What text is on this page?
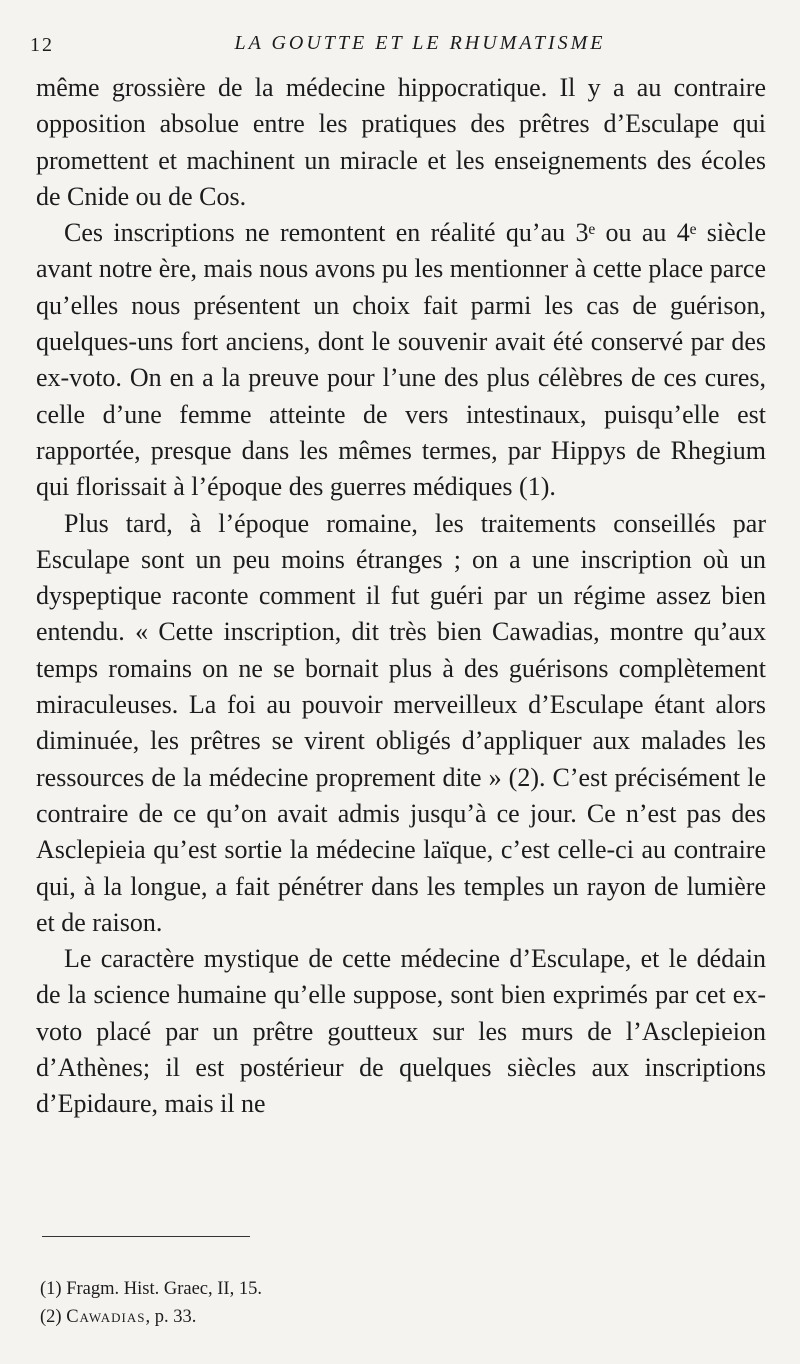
12	LA GOUTTE ET LE RHUMATISME

même grossière de la médecine hippocratique. Il y a au contraire opposition absolue entre les pratiques des prêtres d’Esculape qui promettent et machinent un miracle et les enseignements des écoles de Cnide ou de Cos.

Ces inscriptions ne remontent en réalité qu’au 3ᵉ ou au 4ᵉ siècle avant notre ère, mais nous avons pu les mentionner à cette place parce qu’elles nous présentent un choix fait parmi les cas de guérison, quelques-uns fort anciens, dont le souvenir avait été conservé par des ex-voto. On en a la preuve pour l’une des plus célèbres de ces cures, celle d’une femme atteinte de vers intestinaux, puisqu’elle est rapportée, presque dans les mêmes termes, par Hippys de Rhegium qui florissait à l’époque des guerres médiques (1).

Plus tard, à l’époque romaine, les traitements conseillés par Esculape sont un peu moins étranges ; on a une inscription où un dyspeptique raconte comment il fut guéri par un régime assez bien entendu. « Cette inscription, dit très bien Cawadias, montre qu’aux temps romains on ne se bornait plus à des guérisons complètement miraculeuses. La foi au pouvoir merveilleux d’Esculape étant alors diminuée, les prêtres se virent obligés d’appliquer aux malades les ressources de la médecine proprement dite » (2). C’est précisément le contraire de ce qu’on avait admis jusqu’à ce jour. Ce n’est pas des Asclepieia qu’est sortie la médecine laïque, c’est celle-ci au contraire qui, à la longue, a fait pénétrer dans les temples un rayon de lumière et de raison.

Le caractère mystique de cette médecine d’Esculape, et le dédain de la science humaine qu’elle suppose, sont bien exprimés par cet ex-voto placé par un prêtre goutteux sur les murs de l’Asclepieion d’Athènes; il est postérieur de quelques siècles aux inscriptions d’Epidaure, mais il ne

(1) Fragm. Hist. Graec, II, 15.
(2) Cawadias, p. 33.
